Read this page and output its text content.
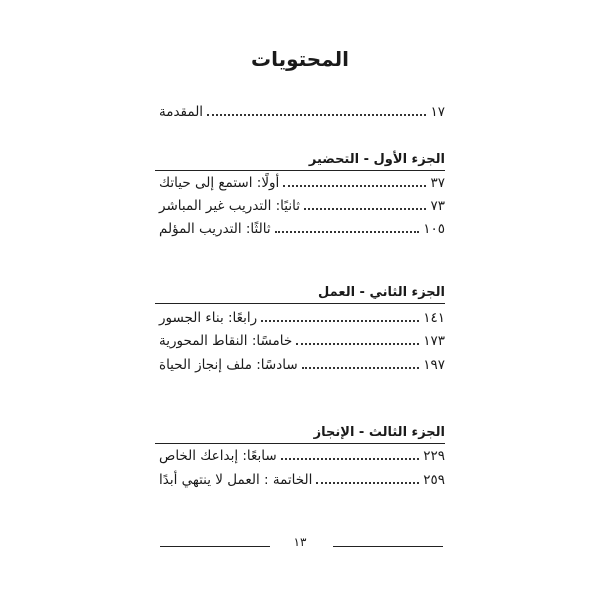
المحتويات
المقدمة	١٧
الجزء الأول - التحضير
أولًا: استمع إلى حياتك	٣٧
ثانيًا: التدريب غير المباشر	٧٣
ثالثًا: التدريب المؤلم	١٠٥
الجزء الثاني - العمل
رابعًا: بناء الجسور	١٤١
خامسًا: النقاط المحورية	١٧٣
سادسًا: ملف إنجاز الحياة	١٩٧
الجزء الثالث - الإنجاز
سابعًا: إبداعك الخاص	٢٢٩
الخاتمة : العمل لا ينتهي أبدًا	٢٥٩
١٣
